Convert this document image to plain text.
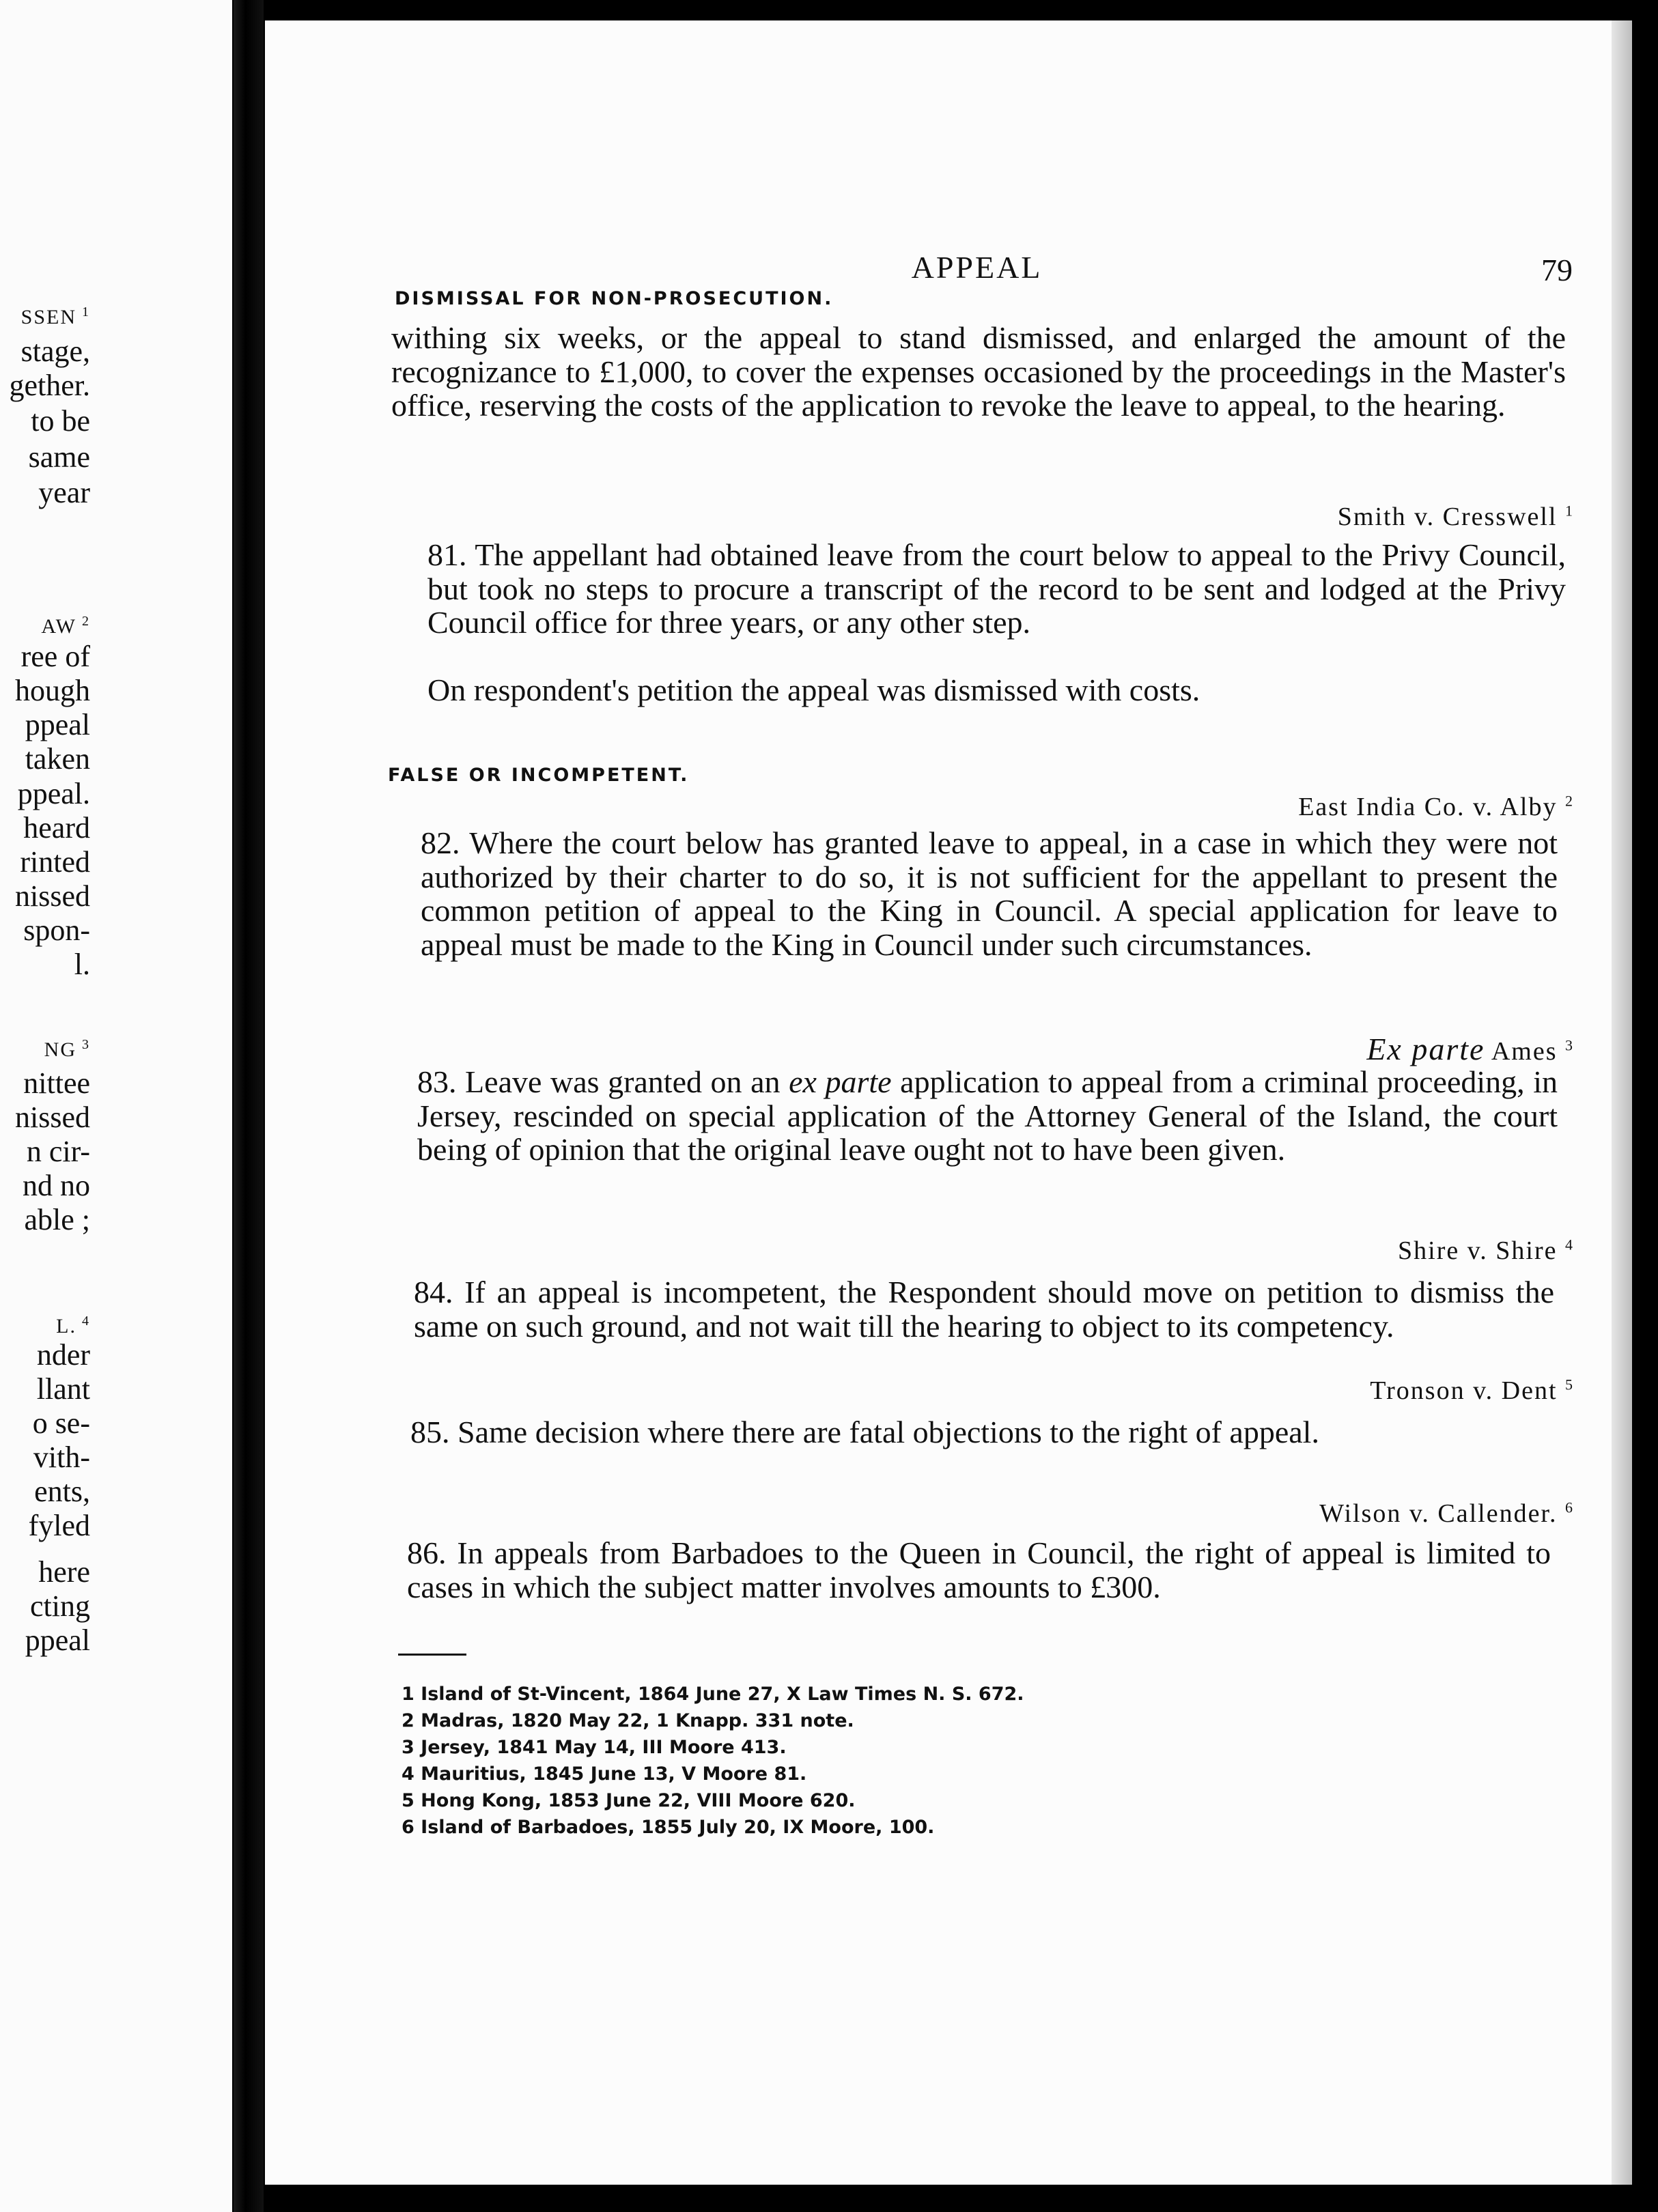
SSEN $^1$
stage,
gether.
to be
same
year
AW $^2$
ree of
hough
ppeal
taken
ppeal.
heard
rinted
nissed
spon-
l.
NG $^3$
nittee
nissed
n cir-
nd no
able ;
L. $^4$
nder
llant
o se-
vith-
ents,
fyled
here
cting
ppeal
APPEAL	79
DISMISSAL FOR NON-PROSECUTION.
withing six weeks, or the appeal to stand dismissed, and enlarged the amount of the recognizance to £1,000, to cover the expenses occasioned by the proceedings in the Master's office, reserving the costs of the application to revoke the leave to appeal, to the hearing.
Smith v. Cresswell $^1$
81. The appellant had obtained leave from the court below to appeal to the Privy Council, but took no steps to procure a transcript of the record to be sent and lodged at the Privy Council office for three years, or any other step.
On respondent's petition the appeal was dismissed with costs.
FALSE OR INCOMPETENT.
East India Co. v. Alby $^2$
82. Where the court below has granted leave to appeal, in a case in which they were not authorized by their charter to do so, it is not sufficient for the appellant to present the common petition of appeal to the King in Council. A special application for leave to appeal must be made to the King in Council under such circumstances.
Ex parte Ames $^3$
83. Leave was granted on an ex parte application to appeal from a criminal proceeding, in Jersey, rescinded on special application of the Attorney General of the Island, the court being of opinion that the original leave ought not to have been given.
Shire v. Shire $^4$
84. If an appeal is incompetent, the Respondent should move on petition to dismiss the same on such ground, and not wait till the hearing to object to its competency.
Tronson v. Dent $^5$
85. Same decision where there are fatal objections to the right of appeal.
Wilson v. Callender. $^6$
86. In appeals from Barbadoes to the Queen in Council, the right of appeal is limited to cases in which the subject matter involves amounts to £300.
1 Island of St-Vincent, 1864 June 27, X Law Times N. S. 672.
2 Madras, 1820 May 22, 1 Knapp. 331 note.
3 Jersey, 1841 May 14, III Moore 413.
4 Mauritius, 1845 June 13, V Moore 81.
5 Hong Kong, 1853 June 22, VIII Moore 620.
6 Island of Barbadoes, 1855 July 20, IX Moore, 100.
